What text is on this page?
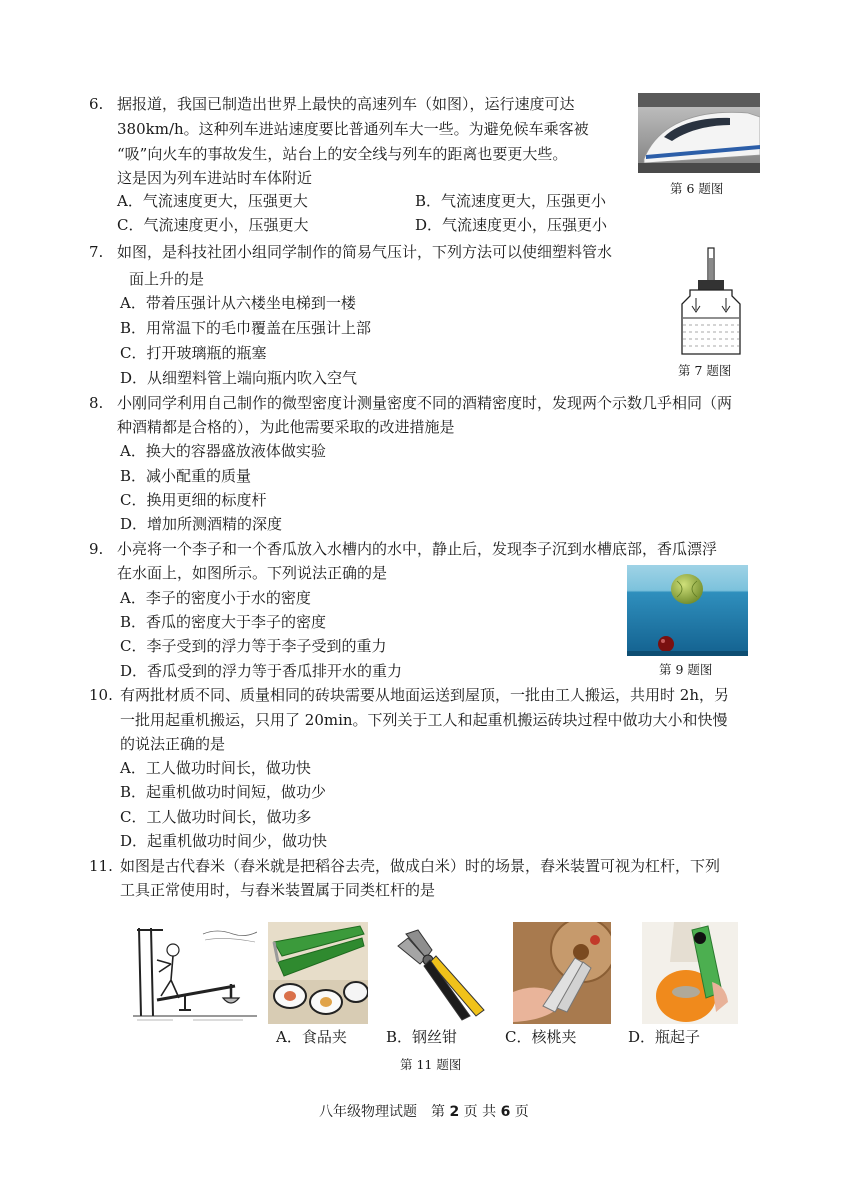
6. 据报道，我国已制造出世界上最快的高速列车（如图），运行速度可达
380km/h。这种列车进站速度要比普通列车大一些。为避免候车乘客被
“吸”向火车的事故发生，站台上的安全线与列车的距离也要更大些。
这是因为列车进站时车体附近
A．气流速度更大，压强更大	B．气流速度更大，压强更小
C．气流速度更小，压强更大	D．气流速度更小，压强更小
第 6 题图
7. 如图，是科技社团小组同学制作的简易气压计，下列方法可以使细塑料管水
面上升的是
A．带着压强计从六楼坐电梯到一楼
B．用常温下的毛巾覆盖在压强计上部
C．打开玻璃瓶的瓶塞
D．从细塑料管上端向瓶内吹入空气	第 7 题图
8. 小刚同学利用自己制作的微型密度计测量密度不同的酒精密度时，发现两个示数几乎相同（两
种酒精都是合格的），为此他需要采取的改进措施是
A．换大的容器盛放液体做实验
B．减小配重的质量
C．换用更细的标度杆
D．增加所测酒精的深度
9. 小亮将一个李子和一个香瓜放入水槽内的水中，静止后，发现李子沉到水槽底部，香瓜漂浮
在水面上，如图所示。下列说法正确的是
A．李子的密度小于水的密度
B．香瓜的密度大于李子的密度
C．李子受到的浮力等于李子受到的重力
D．香瓜受到的浮力等于香瓜排开水的重力	第 9 题图
10. 有两批材质不同、质量相同的砖块需要从地面运送到屋顶，一批由工人搬运，共用时 2h，另
一批用起重机搬运，只用了 20min。下列关于工人和起重机搬运砖块过程中做功大小和快慢
的说法正确的是
A．工人做功时间长，做功快
B．起重机做功时间短，做功少
C．工人做功时间长，做功多
D．起重机做功时间少，做功快
11. 如图是古代舂米（舂米就是把稻谷去壳，做成白米）时的场景，舂米装置可视为杠杆，下列
工具正常使用时，与舂米装置属于同类杠杆的是
A．食品夹	B．钢丝钳	C．核桃夹	D．瓶起子
第 11 题图
八年级物理试题　第 2 页 共 6 页
